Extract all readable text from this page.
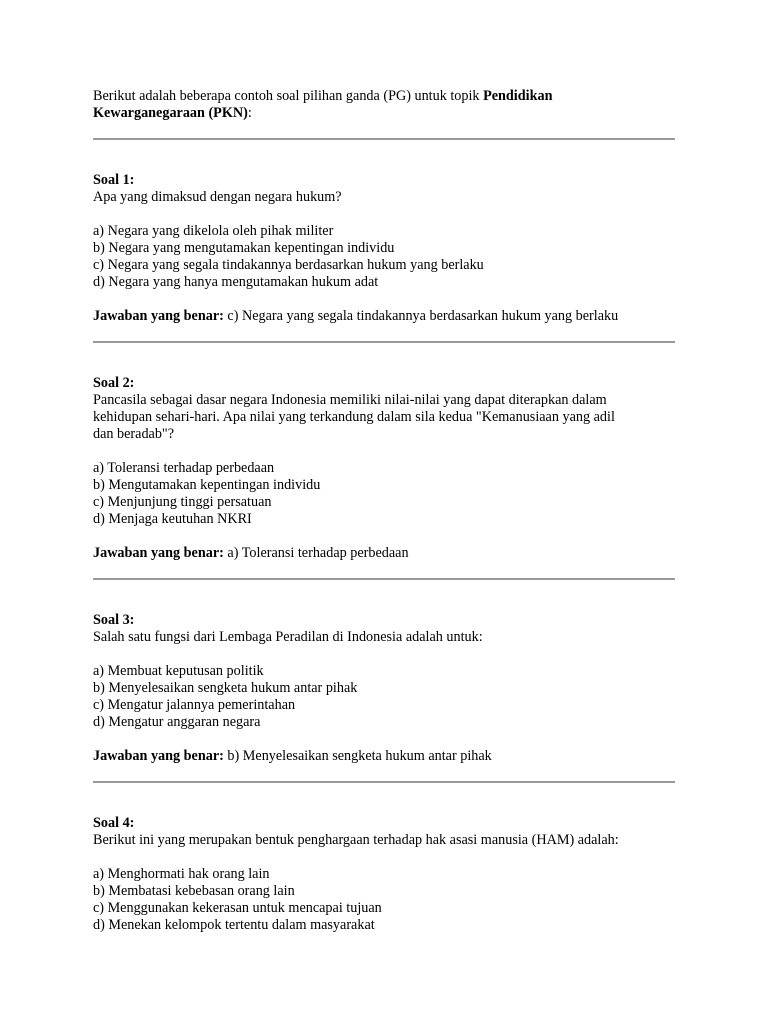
Berikut adalah beberapa contoh soal pilihan ganda (PG) untuk topik Pendidikan
Kewarganegaraan (PKN):

Soal 1:
Apa yang dimaksud dengan negara hukum?
a) Negara yang dikelola oleh pihak militer
b) Negara yang mengutamakan kepentingan individu
c) Negara yang segala tindakannya berdasarkan hukum yang berlaku
d) Negara yang hanya mengutamakan hukum adat
Jawaban yang benar: c) Negara yang segala tindakannya berdasarkan hukum yang berlaku
Soal 2:
Pancasila sebagai dasar negara Indonesia memiliki nilai-nilai yang dapat diterapkan dalam
kehidupan sehari-hari. Apa nilai yang terkandung dalam sila kedua "Kemanusiaan yang adil
dan beradab"?
a) Toleransi terhadap perbedaan
b) Mengutamakan kepentingan individu
c) Menjunjung tinggi persatuan
d) Menjaga keutuhan NKRI
Jawaban yang benar: a) Toleransi terhadap perbedaan
Soal 3:
Salah satu fungsi dari Lembaga Peradilan di Indonesia adalah untuk:
a) Membuat keputusan politik
b) Menyelesaikan sengketa hukum antar pihak
c) Mengatur jalannya pemerintahan
d) Mengatur anggaran negara
Jawaban yang benar: b) Menyelesaikan sengketa hukum antar pihak
Soal 4:
Berikut ini yang merupakan bentuk penghargaan terhadap hak asasi manusia (HAM) adalah:
a) Menghormati hak orang lain
b) Membatasi kebebasan orang lain
c) Menggunakan kekerasan untuk mencapai tujuan
d) Menekan kelompok tertentu dalam masyarakat
